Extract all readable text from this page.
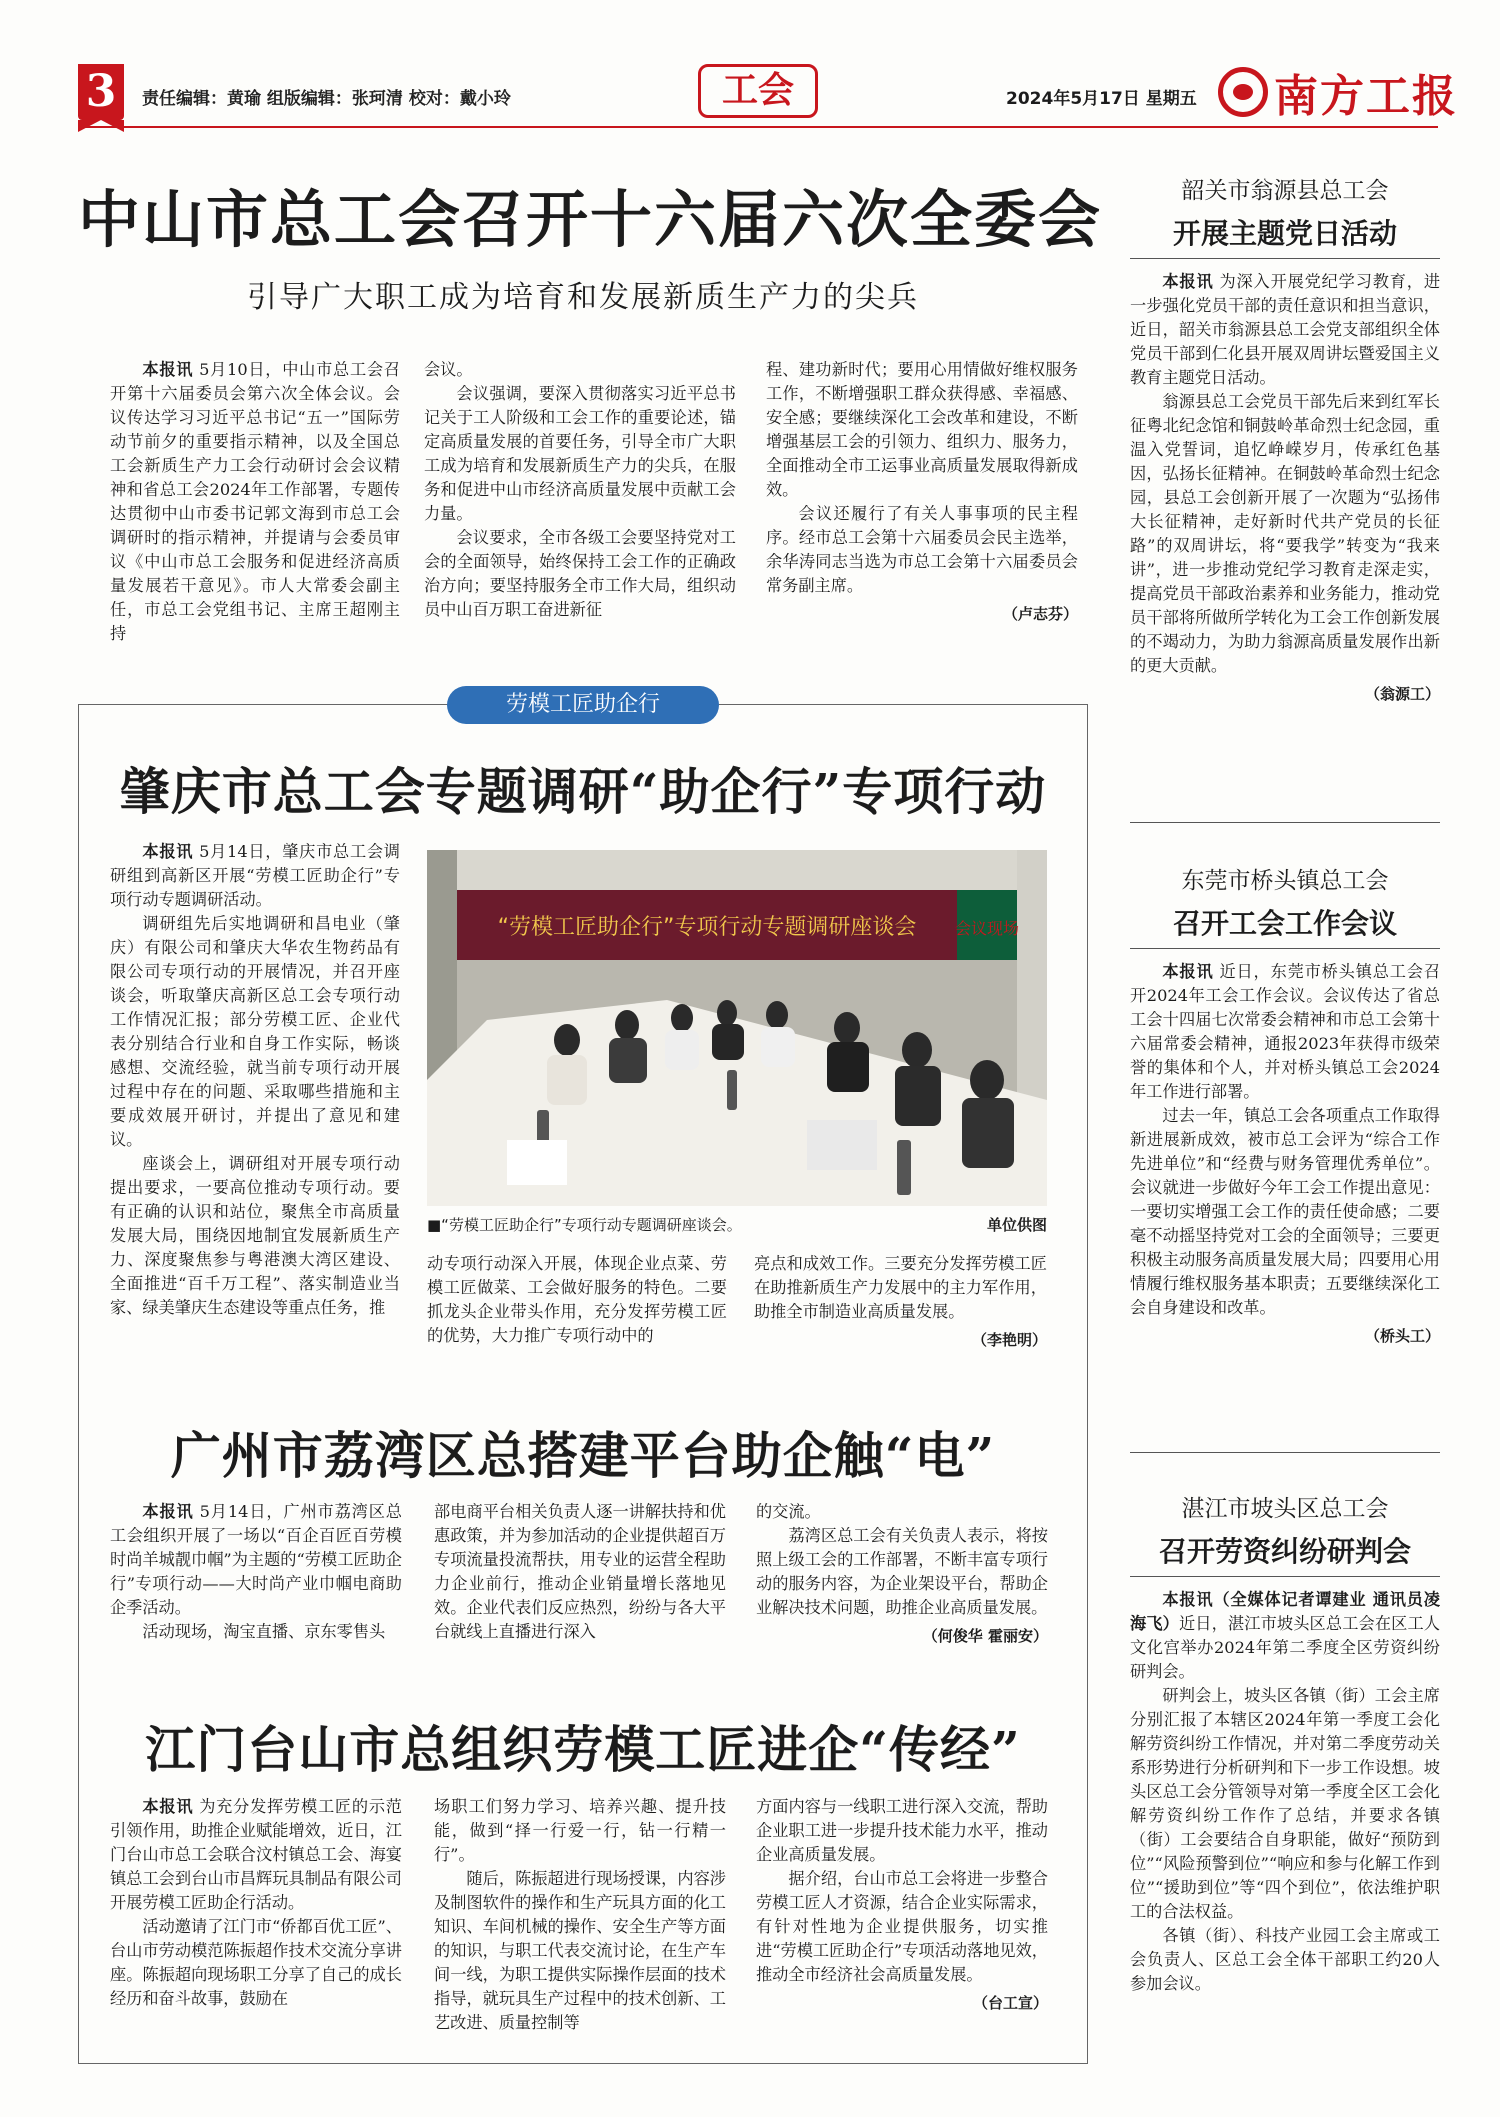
3	责任编辑：黄瑜 组版编辑：张珂清 校对：戴小玲	工会	2024年5月17日 星期五 南方工报
中山市总工会召开十六届六次全委会
引导广大职工成为培育和发展新质生产力的尖兵

本报讯 5月10日，中山市总工会召开第十六届委员会第六次全体会议。会议传达学习习近平总书记“五一”国际劳动节前夕的重要指示精神，以及全国总工会新质生产力工会行动研讨会会议精神和省总工会2024年工作部署，专题传达贯彻中山市委书记郭文海到市总工会调研时的指示精神，并提请与会委员审议《中山市总工会服务和促进经济高质量发展若干意见》。市人大常委会副主任，市总工会党组书记、主席王超刚主持

会议。

会议强调，要深入贯彻落实习近平总书记关于工人阶级和工会工作的重要论述，锚定高质量发展的首要任务，引导全市广大职工成为培育和发展新质生产力的尖兵，在服务和促进中山市经济高质量发展中贡献工会力量。

会议要求，全市各级工会要坚持党对工会的全面领导，始终保持工会工作的正确政治方向；要坚持服务全市工作大局，组织动员中山百万职工奋进新征

程、建功新时代；要用心用情做好维权服务工作，不断增强职工群众获得感、幸福感、安全感；要继续深化工会改革和建设，不断增强基层工会的引领力、组织力、服务力，全面推动全市工运事业高质量发展取得新成效。

会议还履行了有关人事事项的民主程序。经市总工会第十六届委员会民主选举，余华涛同志当选为市总工会第十六届委员会常务副主席。

（卢志芬）
劳模工匠助企行
肇庆市总工会专题调研“助企行”专项行动

本报讯 5月14日，肇庆市总工会调研组到高新区开展“劳模工匠助企行”专项行动专题调研活动。

调研组先后实地调研和昌电业（肇庆）有限公司和肇庆大华农生物药品有限公司专项行动的开展情况，并召开座谈会，听取肇庆高新区总工会专项行动工作情况汇报；部分劳模工匠、企业代表分别结合行业和自身工作实际，畅谈感想、交流经验，就当前专项行动开展过程中存在的问题、采取哪些措施和主要成效展开研讨，并提出了意见和建议。

座谈会上，调研组对开展专项行动提出要求，一要高位推动专项行动。要有正确的认识和站位，聚焦全市高质量发展大局，围绕因地制宜发展新质生产力、深度聚焦参与粤港澳大湾区建设、全面推进“百千万工程”、落实制造业当家、绿美肇庆生态建设等重点任务，推

“劳模工匠助企行”专项行动专题调研座谈会 会议现场
■“劳模工匠助企行”专项行动专题调研座谈会。	单位供图

动专项行动深入开展，体现企业点菜、劳模工匠做菜、工会做好服务的特色。二要抓龙头企业带头作用，充分发挥劳模工匠的优势，大力推广专项行动中的

亮点和成效工作。三要充分发挥劳模工匠在助推新质生产力发展中的主力军作用，助推全市制造业高质量发展。

（李艳明）
广州市荔湾区总搭建平台助企触“电”

本报讯 5月14日，广州市荔湾区总工会组织开展了一场以“百企百匠百劳模 时尚羊城靓巾帼”为主题的“劳模工匠助企行”专项行动——大时尚产业巾帼电商助企季活动。

活动现场，淘宝直播、京东零售头

部电商平台相关负责人逐一讲解扶持和优惠政策，并为参加活动的企业提供超百万专项流量投流帮扶，用专业的运营全程助力企业前行，推动企业销量增长落地见效。企业代表们反应热烈，纷纷与各大平台就线上直播进行深入

的交流。

荔湾区总工会有关负责人表示，将按照上级工会的工作部署，不断丰富专项行动的服务内容，为企业架设平台，帮助企业解决技术问题，助推企业高质量发展。

（何俊华 霍丽安）
江门台山市总组织劳模工匠进企“传经”

本报讯 为充分发挥劳模工匠的示范引领作用，助推企业赋能增效，近日，江门台山市总工会联合汶村镇总工会、海宴镇总工会到台山市昌辉玩具制品有限公司开展劳模工匠助企行活动。

活动邀请了江门市“侨都百优工匠”、台山市劳动模范陈振超作技术交流分享讲座。陈振超向现场职工分享了自己的成长经历和奋斗故事，鼓励在

场职工们努力学习、培养兴趣、提升技能，做到“择一行爱一行，钻一行精一行”。

随后，陈振超进行现场授课，内容涉及制图软件的操作和生产玩具方面的化工知识、车间机械的操作、安全生产等方面的知识，与职工代表交流讨论，在生产车间一线，为职工提供实际操作层面的技术指导，就玩具生产过程中的技术创新、工艺改进、质量控制等

方面内容与一线职工进行深入交流，帮助企业职工进一步提升技术能力水平，推动企业高质量发展。

据介绍，台山市总工会将进一步整合劳模工匠人才资源，结合企业实际需求，有针对性地为企业提供服务，切实推进“劳模工匠助企行”专项活动落地见效，推动全市经济社会高质量发展。

（台工宣）
韶关市翁源县总工会
开展主题党日活动

本报讯 为深入开展党纪学习教育，进一步强化党员干部的责任意识和担当意识，近日，韶关市翁源县总工会党支部组织全体党员干部到仁化县开展双周讲坛暨爱国主义教育主题党日活动。

翁源县总工会党员干部先后来到红军长征粤北纪念馆和铜鼓岭革命烈士纪念园，重温入党誓词，追忆峥嵘岁月，传承红色基因，弘扬长征精神。在铜鼓岭革命烈士纪念园，县总工会创新开展了一次题为“弘扬伟大长征精神，走好新时代共产党员的长征路”的双周讲坛，将“要我学”转变为“我来讲”，进一步推动党纪学习教育走深走实，提高党员干部政治素养和业务能力，推动党员干部将所做所学转化为工会工作创新发展的不竭动力，为助力翁源高质量发展作出新的更大贡献。

（翁源工）
东莞市桥头镇总工会
召开工会工作会议

本报讯 近日，东莞市桥头镇总工会召开2024年工会工作会议。会议传达了省总工会十四届七次常委会精神和市总工会第十六届常委会精神，通报2023年获得市级荣誉的集体和个人，并对桥头镇总工会2024年工作进行部署。

过去一年，镇总工会各项重点工作取得新进展新成效，被市总工会评为“综合工作先进单位”和“经费与财务管理优秀单位”。会议就进一步做好今年工会工作提出意见：一要切实增强工会工作的责任使命感；二要毫不动摇坚持党对工会的全面领导；三要更积极主动服务高质量发展大局；四要用心用情履行维权服务基本职责；五要继续深化工会自身建设和改革。

（桥头工）
湛江市坡头区总工会
召开劳资纠纷研判会

本报讯（全媒体记者谭建业 通讯员凌海飞）近日，湛江市坡头区总工会在区工人文化宫举办2024年第二季度全区劳资纠纷研判会。

研判会上，坡头区各镇（街）工会主席分别汇报了本辖区2024年第一季度工会化解劳资纠纷工作情况，并对第二季度劳动关系形势进行分析研判和下一步工作设想。坡头区总工会分管领导对第一季度全区工会化解劳资纠纷工作作了总结，并要求各镇（街）工会要结合自身职能，做好“预防到位”“风险预警到位”“响应和参与化解工作到位”“援助到位”等“四个到位”，依法维护职工的合法权益。

各镇（街）、科技产业园工会主席或工会负责人、区总工会全体干部职工约20人参加会议。
